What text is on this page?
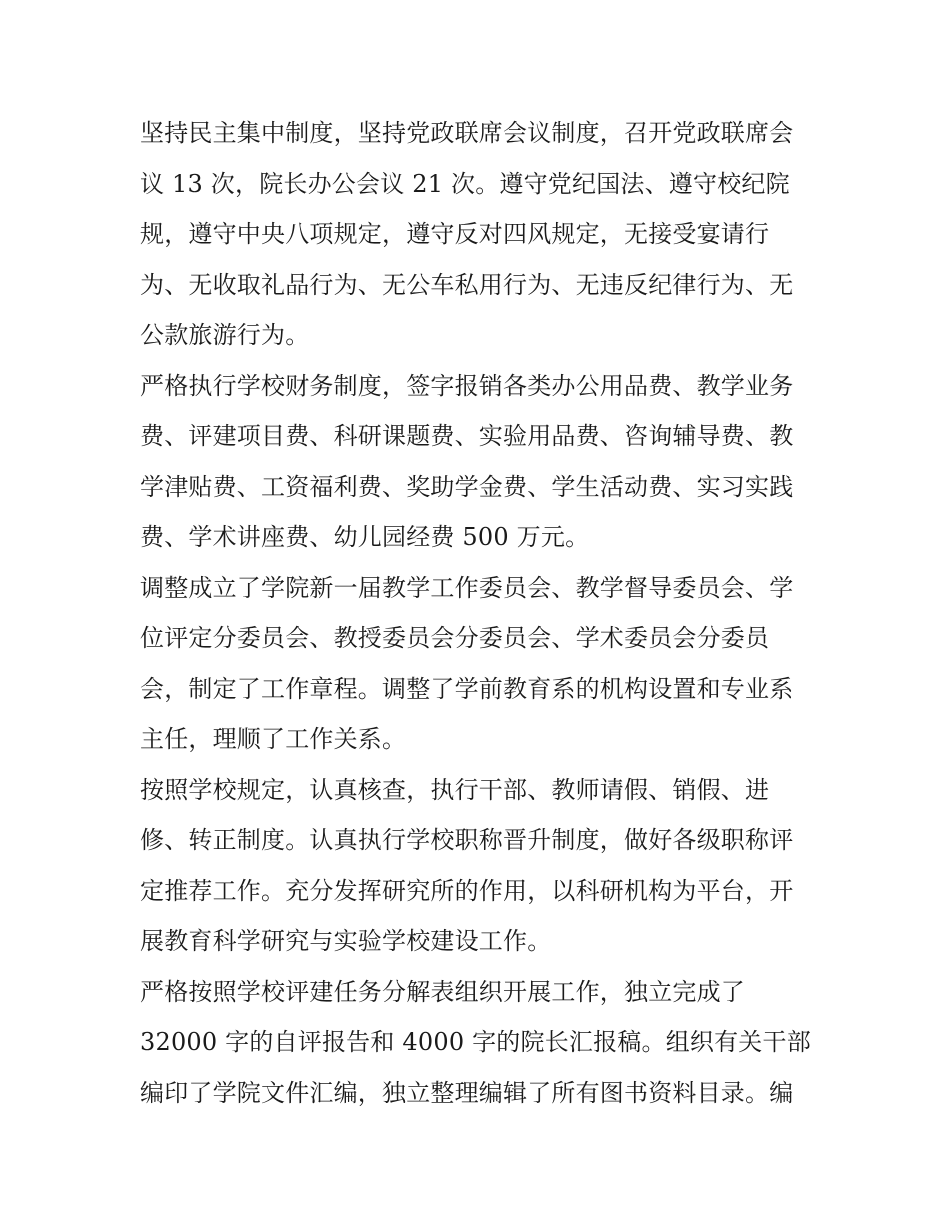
坚持民主集中制度，坚持党政联席会议制度，召开党政联席会
议 13 次，院长办公会议 21 次。遵守党纪国法、遵守校纪院
规，遵守中央八项规定，遵守反对四风规定，无接受宴请行
为、无收取礼品行为、无公车私用行为、无违反纪律行为、无
公款旅游行为。
严格执行学校财务制度，签字报销各类办公用品费、教学业务
费、评建项目费、科研课题费、实验用品费、咨询辅导费、教
学津贴费、工资福利费、奖助学金费、学生活动费、实习实践
费、学术讲座费、幼儿园经费 500 万元。
调整成立了学院新一届教学工作委员会、教学督导委员会、学
位评定分委员会、教授委员会分委员会、学术委员会分委员
会，制定了工作章程。调整了学前教育系的机构设置和专业系
主任，理顺了工作关系。
按照学校规定，认真核查，执行干部、教师请假、销假、进
修、转正制度。认真执行学校职称晋升制度，做好各级职称评
定推荐工作。充分发挥研究所的作用，以科研机构为平台，开
展教育科学研究与实验学校建设工作。
严格按照学校评建任务分解表组织开展工作，独立完成了
32000 字的自评报告和 4000 字的院长汇报稿。组织有关干部
编印了学院文件汇编，独立整理编辑了所有图书资料目录。编
